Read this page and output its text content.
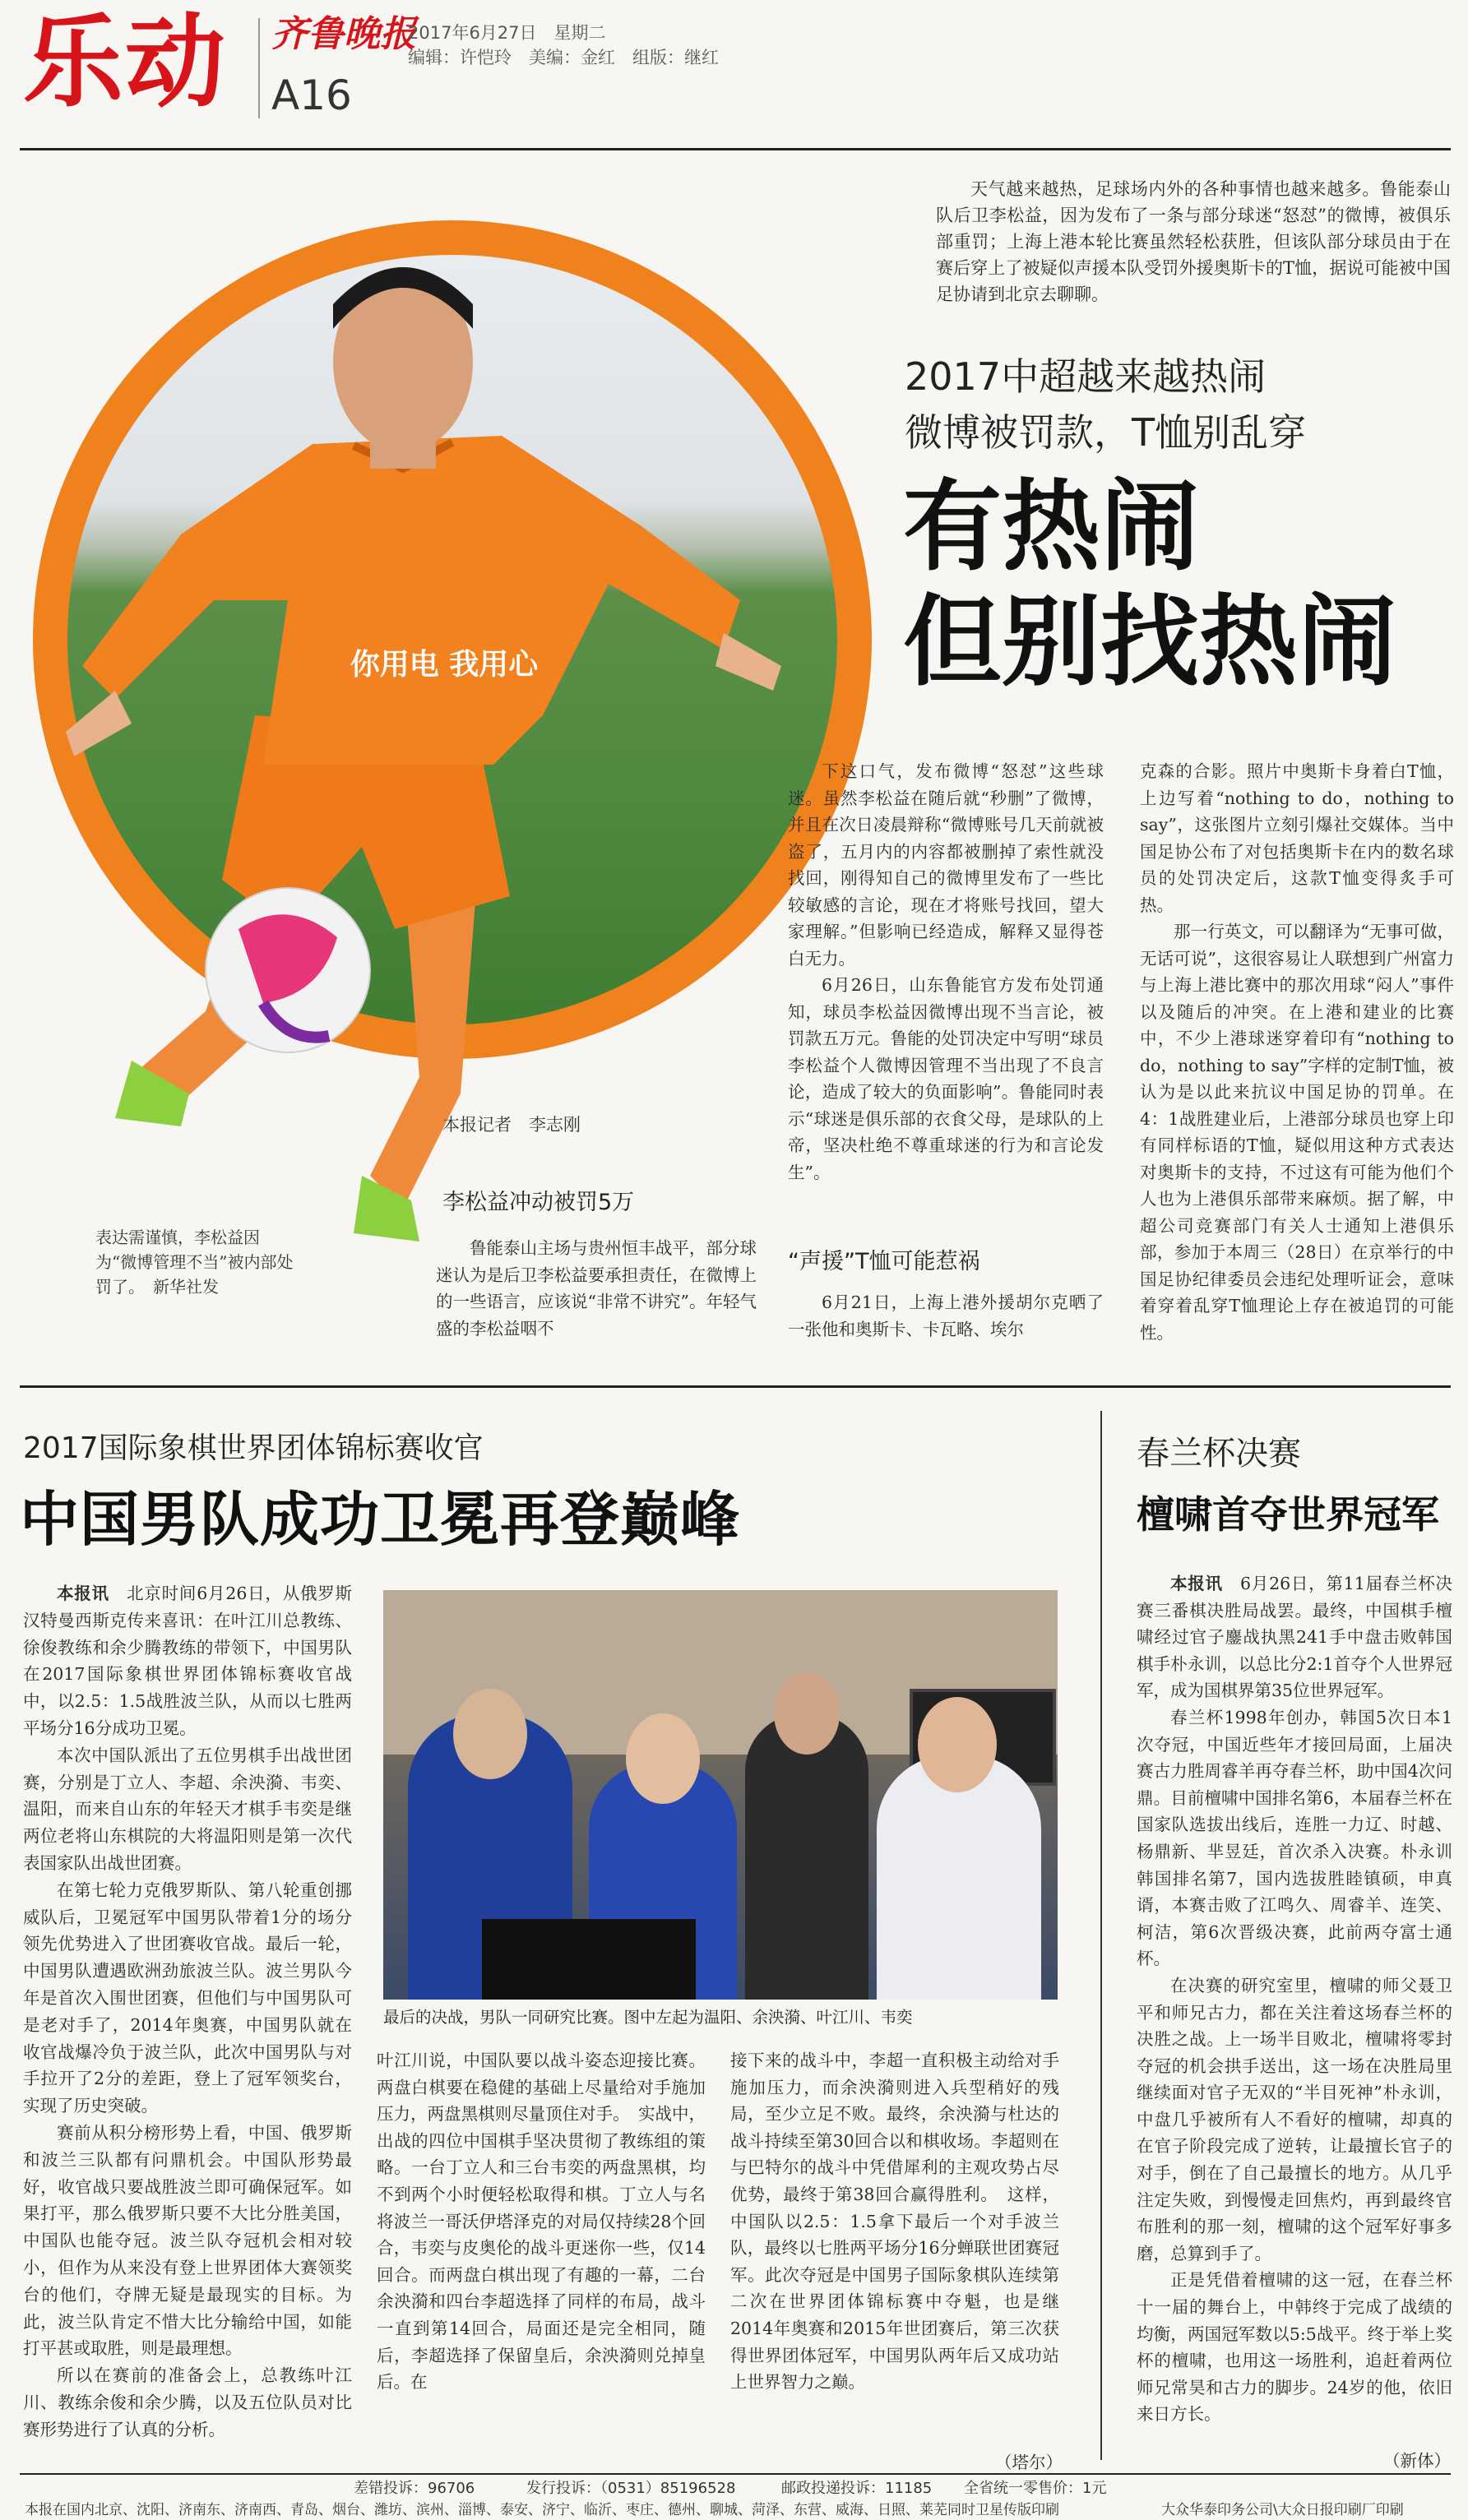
乐动 齐鲁晚报
A16
2017年6月27日　星期二
编辑：许恺玲　美编：金红　组版：继红
你用电 我用心
表达需谨慎，李松益因为“微博管理不当”被内部处罚了。　新华社发

天气越来越热，足球场内外的各种事情也越来越多。鲁能泰山队后卫李松益，因为发布了一条与部分球迷“怒怼”的微博，被俱乐部重罚；上海上港本轮比赛虽然轻松获胜，但该队部分球员由于在赛后穿上了被疑似声援本队受罚外援奥斯卡的T恤，据说可能被中国足协请到北京去聊聊。

2017中超越来越热闹
微博被罚款，T恤别乱穿
有热闹
但别找热闹
本报记者　李志刚
李松益冲动被罚5万

鲁能泰山主场与贵州恒丰战平，部分球迷认为是后卫李松益要承担责任，在微博上的一些语言，应该说“非常不讲究”。年轻气盛的李松益咽不

下这口气，发布微博“怒怼”这些球迷。虽然李松益在随后就“秒删”了微博，并且在次日凌晨辩称“微博账号几天前就被盗了，五月内的内容都被删掉了索性就没找回，刚得知自己的微博里发布了一些比较敏感的言论，现在才将账号找回，望大家理解。”但影响已经造成，解释又显得苍白无力。

6月26日，山东鲁能官方发布处罚通知，球员李松益因微博出现不当言论，被罚款五万元。鲁能的处罚决定中写明“球员李松益个人微博因管理不当出现了不良言论，造成了较大的负面影响”。鲁能同时表示“球迷是俱乐部的衣食父母，是球队的上帝，坚决杜绝不尊重球迷的行为和言论发生”。

“声援”T恤可能惹祸

6月21日，上海上港外援胡尔克晒了一张他和奥斯卡、卡瓦略、埃尔

克森的合影。照片中奥斯卡身着白T恤，上边写着“nothing to do，nothing to say”，这张图片立刻引爆社交媒体。当中国足协公布了对包括奥斯卡在内的数名球员的处罚决定后，这款T恤变得炙手可热。

那一行英文，可以翻译为“无事可做，无话可说”，这很容易让人联想到广州富力与上海上港比赛中的那次用球“闷人”事件以及随后的冲突。在上港和建业的比赛中，不少上港球迷穿着印有“nothing to do，nothing to say”字样的定制T恤，被认为是以此来抗议中国足协的罚单。在4：1战胜建业后，上港部分球员也穿上印有同样标语的T恤，疑似用这种方式表达对奥斯卡的支持，不过这有可能为他们个人也为上港俱乐部带来麻烦。据了解，中超公司竞赛部门有关人士通知上港俱乐部，参加于本周三（28日）在京举行的中国足协纪律委员会违纪处理听证会，意味着穿着乱穿T恤理论上存在被追罚的可能性。

2017国际象棋世界团体锦标赛收官
中国男队成功卫冕再登巅峰

本报讯　 北京时间6月26日，从俄罗斯汉特曼西斯克传来喜讯：在叶江川总教练、徐俊教练和余少腾教练的带领下，中国男队在2017国际象棋世界团体锦标赛收官战中，以2.5：1.5战胜波兰队，从而以七胜两平场分16分成功卫冕。

本次中国队派出了五位男棋手出战世团赛，分别是丁立人、李超、余泱漪、韦奕、温阳，而来自山东的年轻天才棋手韦奕是继两位老将山东棋院的大将温阳则是第一次代表国家队出战世团赛。

在第七轮力克俄罗斯队、第八轮重创挪威队后，卫冕冠军中国男队带着1分的场分领先优势进入了世团赛收官战。最后一轮，中国男队遭遇欧洲劲旅波兰队。波兰男队今年是首次入围世团赛，但他们与中国男队可是老对手了，2014年奥赛，中国男队就在收官战爆冷负于波兰队，此次中国男队与对手拉开了2分的差距，登上了冠军领奖台，实现了历史突破。

赛前从积分榜形势上看，中国、俄罗斯和波兰三队都有问鼎机会。中国队形势最好，收官战只要战胜波兰即可确保冠军。如果打平，那么俄罗斯只要不大比分胜美国，中国队也能夺冠。波兰队夺冠机会相对较小，但作为从来没有登上世界团体大赛领奖台的他们，夺牌无疑是最现实的目标。为此，波兰队肯定不惜大比分输给中国，如能打平甚或取胜，则是最理想。

所以在赛前的准备会上，总教练叶江川、教练余俊和余少腾，以及五位队员对比赛形势进行了认真的分析。

最后的决战，男队一同研究比赛。图中左起为温阳、余泱漪、叶江川、韦奕

叶江川说，中国队要以战斗姿态迎接比赛。两盘白棋要在稳健的基础上尽量给对手施加压力，两盘黑棋则尽量顶住对手。　实战中，出战的四位中国棋手坚决贯彻了教练组的策略。一台丁立人和三台韦奕的两盘黑棋，均不到两个小时便轻松取得和棋。丁立人与名将波兰一哥沃伊塔泽克的对局仅持续28个回合，韦奕与皮奥伦的战斗更迷你一些，仅14回合。而两盘白棋出现了有趣的一幕，二台余泱漪和四台李超选择了同样的布局，战斗一直到第14回合，局面还是完全相同，随后，李超选择了保留皇后，余泱漪则兑掉皇后。在

接下来的战斗中，李超一直积极主动给对手施加压力，而余泱漪则进入兵型稍好的残局，至少立足不败。最终，余泱漪与杜达的战斗持续至第30回合以和棋收场。李超则在与巴特尔的战斗中凭借犀利的主观攻势占尽优势，最终于第38回合赢得胜利。　这样，中国队以2.5：1.5拿下最后一个对手波兰队，最终以七胜两平场分16分蝉联世团赛冠军。此次夺冠是中国男子国际象棋队连续第二次在世界团体锦标赛中夺魁，也是继2014年奥赛和2015年世团赛后，第三次获得世界团体冠军，中国男队两年后又成功站上世界智力之巅。

（塔尔）
春兰杯决赛
檀啸首夺世界冠军

本报讯　 6月26日，第11届春兰杯决赛三番棋决胜局战罢。最终，中国棋手檀啸经过官子鏖战执黑241手中盘击败韩国棋手朴永训，以总比分2:1首夺个人世界冠军，成为国棋界第35位世界冠军。

春兰杯1998年创办，韩国5次日本1次夺冠，中国近些年才接回局面，上届决赛古力胜周睿羊再夺春兰杯，助中国4次问鼎。目前檀啸中国排名第6，本届春兰杯在国家队选拔出线后，连胜一力辽、时越、杨鼎新、芈昱廷，首次杀入决赛。朴永训韩国排名第7，国内选拔胜睦镇硕，申真谞，本赛击败了江鸣久、周睿羊、连笑、柯洁，第6次晋级决赛，此前两夺富士通杯。

在决赛的研究室里，檀啸的师父聂卫平和师兄古力，都在关注着这场春兰杯的决胜之战。上一场半目败北，檀啸将零封夺冠的机会拱手送出，这一场在决胜局里继续面对官子无双的“半目死神”朴永训，中盘几乎被所有人不看好的檀啸，却真的在官子阶段完成了逆转，让最擅长官子的对手，倒在了自己最擅长的地方。从几乎注定失败，到慢慢走回焦灼，再到最终官布胜利的那一刻，檀啸的这个冠军好事多磨，总算到手了。

正是凭借着檀啸的这一冠，在春兰杯十一届的舞台上，中韩终于完成了战绩的均衡，两国冠军数以5:5战平。终于举上奖杯的檀啸，也用这一场胜利，追赶着两位师兄常昊和古力的脚步。24岁的他，依旧来日方长。

（新体）
差错投诉：96706	发行投诉：（0531）85196528	邮政投递投诉：11185 全省统一零售价：1元
本报在国内北京、沈阳、济南东、济南西、青岛、烟台、潍坊、滨州、淄博、泰安、济宁、临沂、枣庄、德州、聊城、菏泽、东营、威海、日照、莱芜同时卫星传版印刷	大众华泰印务公司\大众日报印刷厂印刷
